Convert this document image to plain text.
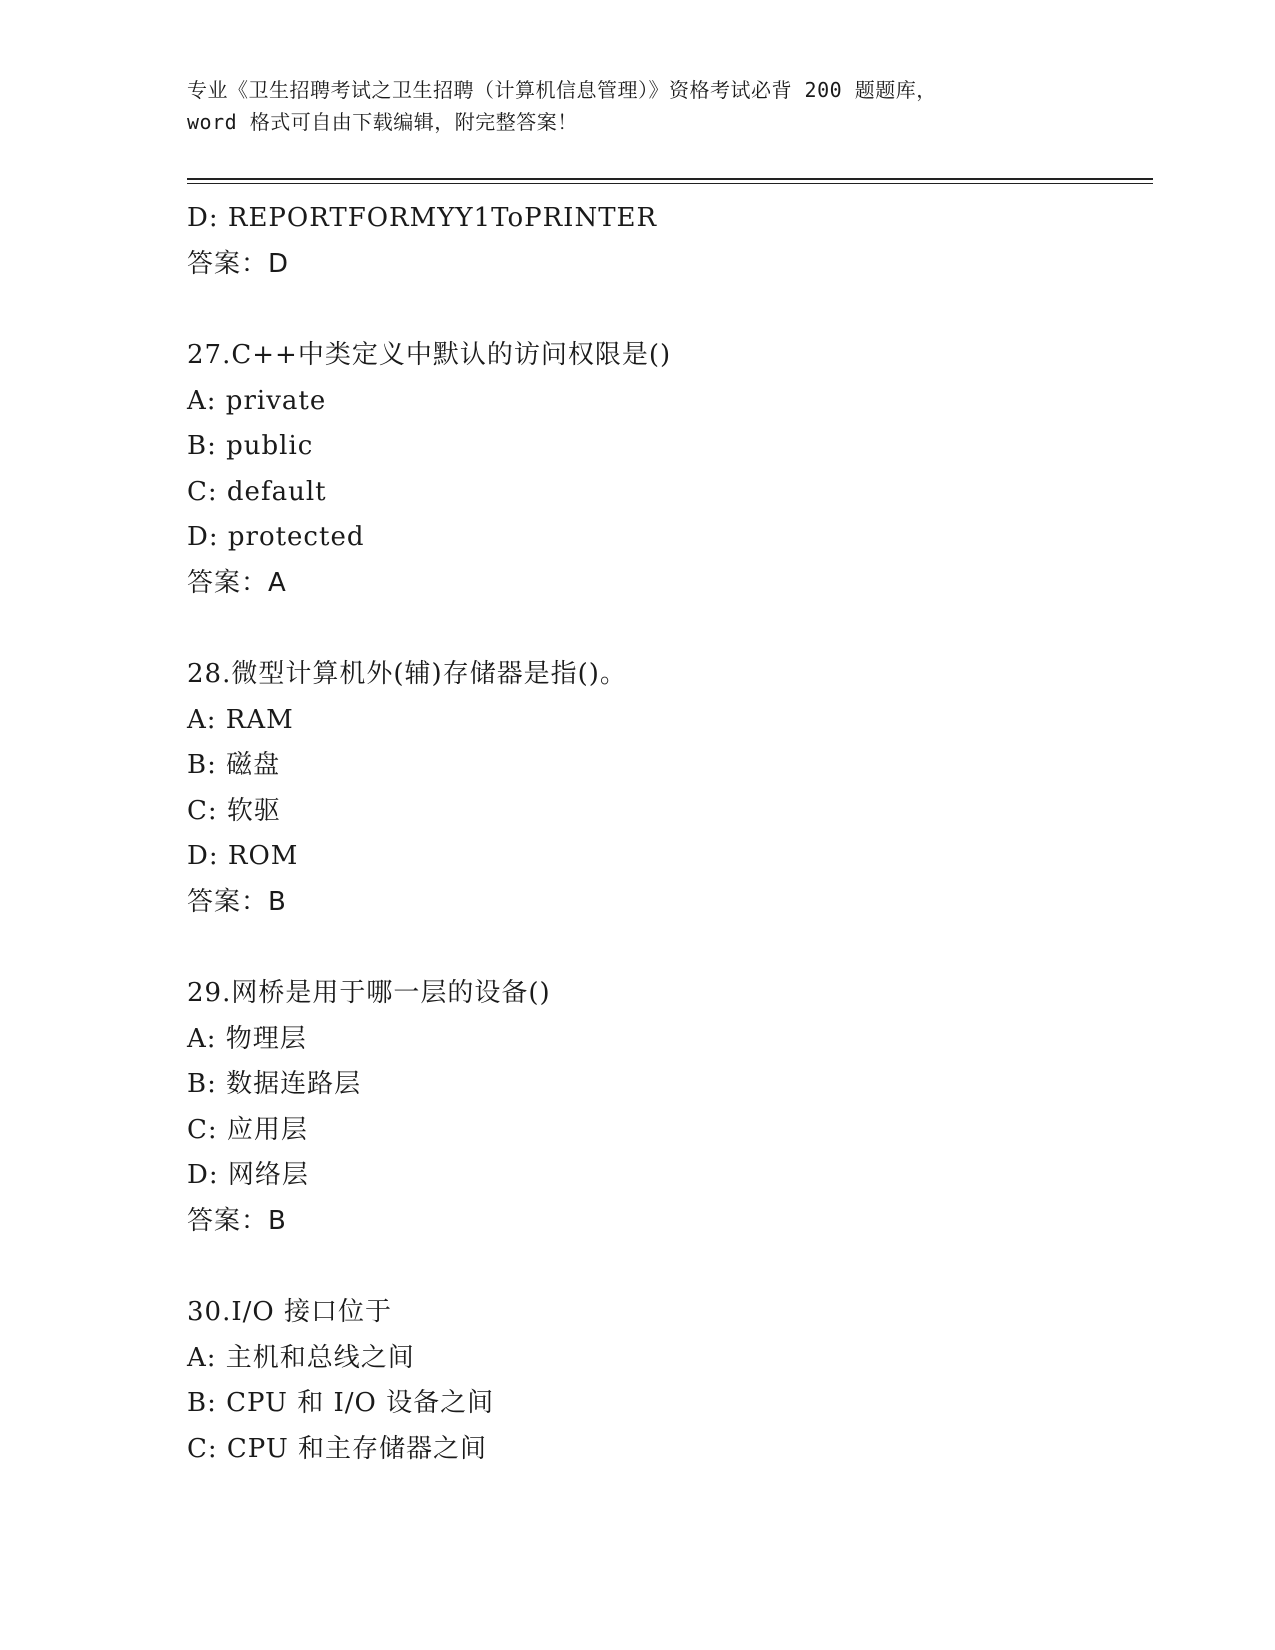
专业《卫生招聘考试之卫生招聘（计算机信息管理）》资格考试必背 200 题题库，
word 格式可自由下载编辑，附完整答案！
D: REPORTFORMYY1ToPRINTER
答案：D
27.C++中类定义中默认的访问权限是()
A: private
B: public
C: default
D: protected
答案：A
28.微型计算机外(辅)存储器是指()。
A: RAM
B: 磁盘
C: 软驱
D: ROM
答案：B
29.网桥是用于哪一层的设备()
A: 物理层
B: 数据连路层
C: 应用层
D: 网络层
答案：B
30.I/O 接口位于
A: 主机和总线之间
B: CPU 和 I/O 设备之间
C: CPU 和主存储器之间
